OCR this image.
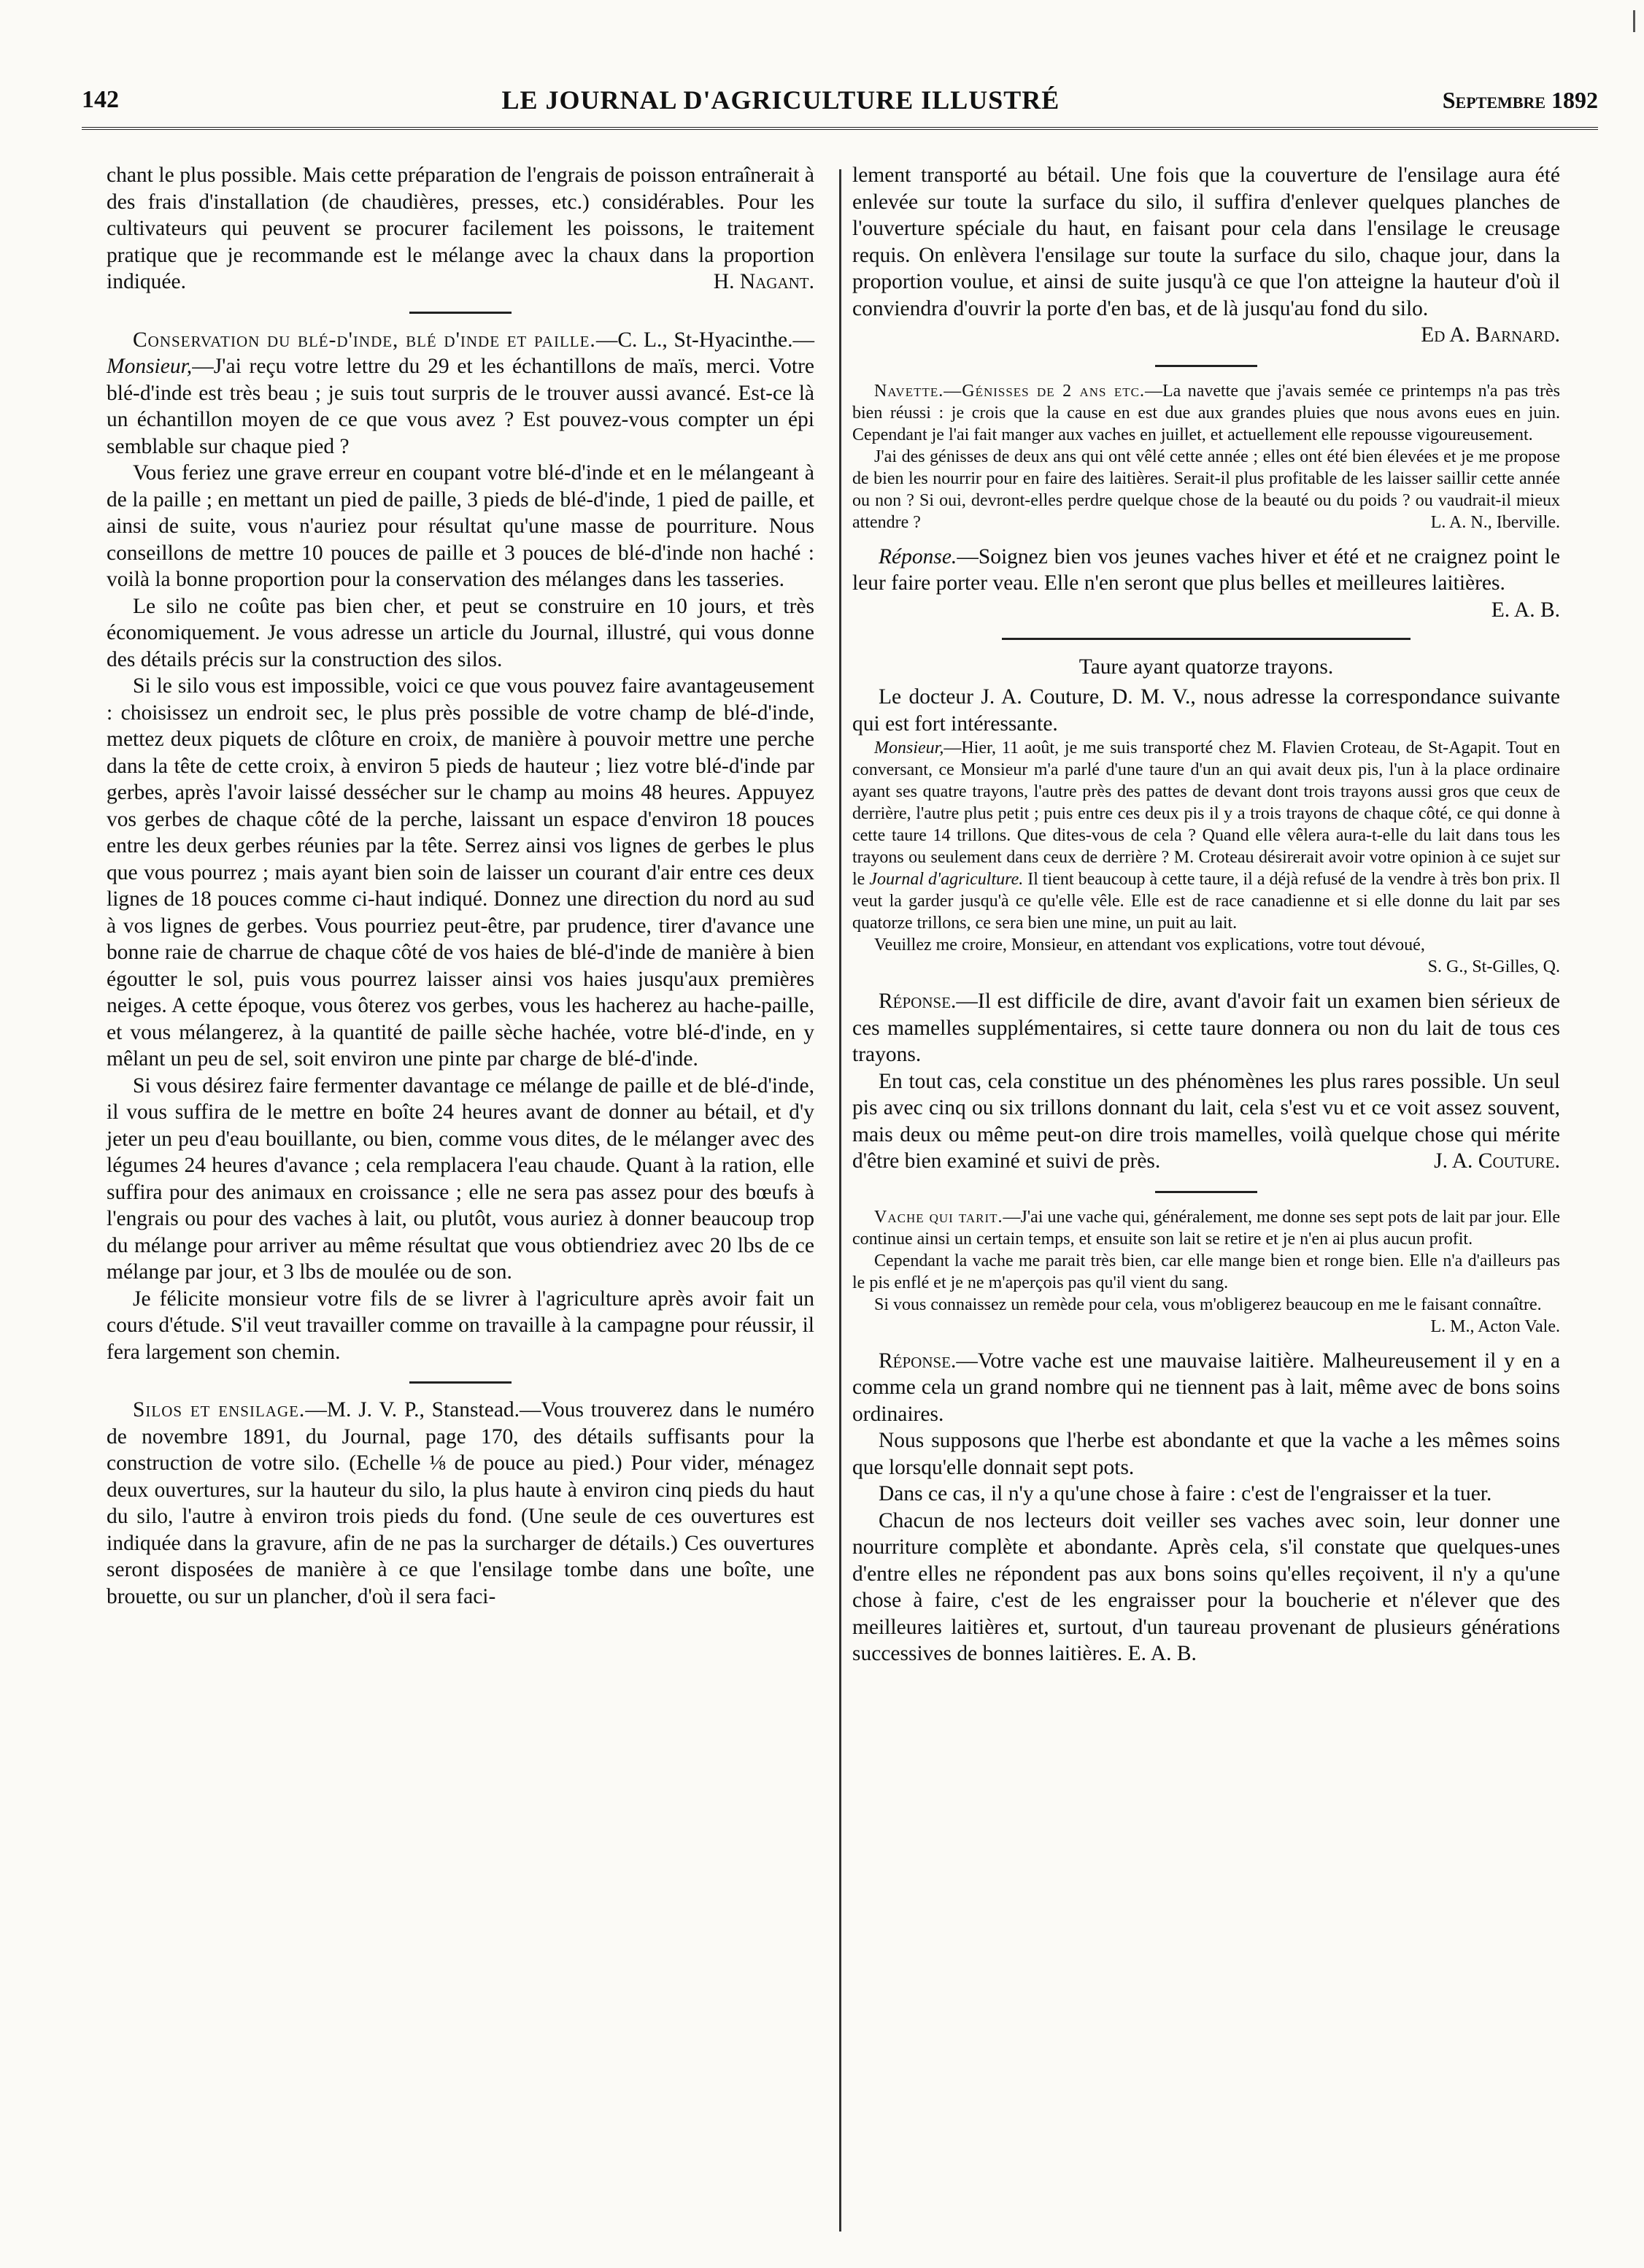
142	LE JOURNAL D'AGRICULTURE ILLUSTRÉ	Septembre 1892

chant le plus possible. Mais cette préparation de l'engrais de poisson entraînerait à des frais d'installation (de chaudières, presses, etc.) considérables. Pour les cultivateurs qui peuvent se procurer facilement les poissons, le traitement pratique que je recommande est le mélange avec la chaux dans la proportion indiquée.	H. Nagant.

Conservation du blé-d'inde, blé d'inde et paille.—C. L., St-Hyacinthe.—Monsieur,—J'ai reçu votre lettre du 29 et les échantillons de maïs, merci. Votre blé-d'inde est très beau ; je suis tout surpris de le trouver aussi avancé. Est-ce là un échantillon moyen de ce que vous avez ? Est pouvez-vous compter un épi semblable sur chaque pied ?

Vous feriez une grave erreur en coupant votre blé-d'inde et en le mélangeant à de la paille ; en mettant un pied de paille, 3 pieds de blé-d'inde, 1 pied de paille, et ainsi de suite, vous n'auriez pour résultat qu'une masse de pourriture. Nous conseillons de mettre 10 pouces de paille et 3 pouces de blé-d'inde non haché : voilà la bonne proportion pour la conservation des mélanges dans les tasseries.

Le silo ne coûte pas bien cher, et peut se construire en 10 jours, et très économiquement. Je vous adresse un article du Journal, illustré, qui vous donne des détails précis sur la construction des silos.

Si le silo vous est impossible, voici ce que vous pouvez faire avantageusement : choisissez un endroit sec, le plus près possible de votre champ de blé-d'inde, mettez deux piquets de clôture en croix, de manière à pouvoir mettre une perche dans la tête de cette croix, à environ 5 pieds de hauteur ; liez votre blé-d'inde par gerbes, après l'avoir laissé dessécher sur le champ au moins 48 heures. Appuyez vos gerbes de chaque côté de la perche, laissant un espace d'environ 18 pouces entre les deux gerbes réunies par la tête. Serrez ainsi vos lignes de gerbes le plus que vous pourrez ; mais ayant bien soin de laisser un courant d'air entre ces deux lignes de 18 pouces comme ci-haut indiqué. Donnez une direction du nord au sud à vos lignes de gerbes. Vous pourriez peut-être, par prudence, tirer d'avance une bonne raie de charrue de chaque côté de vos haies de blé-d'inde de manière à bien égoutter le sol, puis vous pourrez laisser ainsi vos haies jusqu'aux premières neiges. A cette époque, vous ôterez vos gerbes, vous les hacherez au hache-paille, et vous mélangerez, à la quantité de paille sèche hachée, votre blé-d'inde, en y mêlant un peu de sel, soit environ une pinte par charge de blé-d'inde.

Si vous désirez faire fermenter davantage ce mélange de paille et de blé-d'inde, il vous suffira de le mettre en boîte 24 heures avant de donner au bétail, et d'y jeter un peu d'eau bouillante, ou bien, comme vous dites, de le mélanger avec des légumes 24 heures d'avance ; cela remplacera l'eau chaude. Quant à la ration, elle suffira pour des animaux en croissance ; elle ne sera pas assez pour des bœufs à l'engrais ou pour des vaches à lait, ou plutôt, vous auriez à donner beaucoup trop du mélange pour arriver au même résultat que vous obtiendriez avec 20 lbs de ce mélange par jour, et 3 lbs de moulée ou de son.

Je félicite monsieur votre fils de se livrer à l'agriculture après avoir fait un cours d'étude. S'il veut travailler comme on travaille à la campagne pour réussir, il fera largement son chemin.

Silos et ensilage.—M. J. V. P., Stanstead.—Vous trouverez dans le numéro de novembre 1891, du Journal, page 170, des détails suffisants pour la construction de votre silo. (Echelle ⅛ de pouce au pied.) Pour vider, ménagez deux ouvertures, sur la hauteur du silo, la plus haute à environ cinq pieds du haut du silo, l'autre à environ trois pieds du fond. (Une seule de ces ouvertures est indiquée dans la gravure, afin de ne pas la surcharger de détails.) Ces ouvertures seront disposées de manière à ce que l'ensilage tombe dans une boîte, une brouette, ou sur un plancher, d'où il sera faci-

lement transporté au bétail. Une fois que la couverture de l'ensilage aura été enlevée sur toute la surface du silo, il suffira d'enlever quelques planches de l'ouverture spéciale du haut, en faisant pour cela dans l'ensilage le creusage requis. On enlèvera l'ensilage sur toute la surface du silo, chaque jour, dans la proportion voulue, et ainsi de suite jusqu'à ce que l'on atteigne la hauteur d'où il conviendra d'ouvrir la porte d'en bas, et de là jusqu'au fond du silo.
Ed A. Barnard.

Navette.—Génisses de 2 ans etc.—La navette que j'avais semée ce printemps n'a pas très bien réussi : je crois que la cause en est due aux grandes pluies que nous avons eues en juin. Cependant je l'ai fait manger aux vaches en juillet, et actuellement elle repousse vigoureusement.

J'ai des génisses de deux ans qui ont vêlé cette année ; elles ont été bien élevées et je me propose de bien les nourrir pour en faire des laitières. Serait-il plus profitable de les laisser saillir cette année ou non ? Si oui, devront-elles perdre quelque chose de la beauté ou du poids ? ou vaudrait-il mieux attendre ?	L. A. N., Iberville.

Réponse.—Soignez bien vos jeunes vaches hiver et été et ne craignez point le leur faire porter veau. Elle n'en seront que plus belles et meilleures laitières.
E. A. B.

Taure ayant quatorze trayons.

Le docteur J. A. Couture, D. M. V., nous adresse la correspondance suivante qui est fort intéressante.

Monsieur,—Hier, 11 août, je me suis transporté chez M. Flavien Croteau, de St-Agapit. Tout en conversant, ce Monsieur m'a parlé d'une taure d'un an qui avait deux pis, l'un à la place ordinaire ayant ses quatre trayons, l'autre près des pattes de devant dont trois trayons aussi gros que ceux de derrière, l'autre plus petit ; puis entre ces deux pis il y a trois trayons de chaque côté, ce qui donne à cette taure 14 trillons. Que dites-vous de cela ? Quand elle vêlera aura-t-elle du lait dans tous les trayons ou seulement dans ceux de derrière ? M. Croteau désirerait avoir votre opinion à ce sujet sur le Journal d'agriculture. Il tient beaucoup à cette taure, il a déjà refusé de la vendre à très bon prix. Il veut la garder jusqu'à ce qu'elle vêle. Elle est de race canadienne et si elle donne du lait par ses quatorze trillons, ce sera bien une mine, un puit au lait.

Veuillez me croire, Monsieur, en attendant vos explications, votre tout dévoué,
S. G., St-Gilles, Q.

Réponse.—Il est difficile de dire, avant d'avoir fait un examen bien sérieux de ces mamelles supplémentaires, si cette taure donnera ou non du lait de tous ces trayons.

En tout cas, cela constitue un des phénomènes les plus rares possible. Un seul pis avec cinq ou six trillons donnant du lait, cela s'est vu et ce voit assez souvent, mais deux ou même peut-on dire trois mamelles, voilà quelque chose qui mérite d'être bien examiné et suivi de près.	J. A. Couture.

Vache qui tarit.—J'ai une vache qui, généralement, me donne ses sept pots de lait par jour. Elle continue ainsi un certain temps, et ensuite son lait se retire et je n'en ai plus aucun profit.

Cependant la vache me parait très bien, car elle mange bien et ronge bien. Elle n'a d'ailleurs pas le pis enflé et je ne m'aperçois pas qu'il vient du sang.

Si vous connaissez un remède pour cela, vous m'obligerez beaucoup en me le faisant connaître.
L. M., Acton Vale.

Réponse.—Votre vache est une mauvaise laitière. Malheureusement il y en a comme cela un grand nombre qui ne tiennent pas à lait, même avec de bons soins ordinaires.

Nous supposons que l'herbe est abondante et que la vache a les mêmes soins que lorsqu'elle donnait sept pots.

Dans ce cas, il n'y a qu'une chose à faire : c'est de l'engraisser et la tuer.

Chacun de nos lecteurs doit veiller ses vaches avec soin, leur donner une nourriture complète et abondante. Après cela, s'il constate que quelques-unes d'entre elles ne répondent pas aux bons soins qu'elles reçoivent, il n'y a qu'une chose à faire, c'est de les engraisser pour la boucherie et n'élever que des meilleures laitières et, surtout, d'un taureau provenant de plusieurs générations successives de bonnes laitières. E. A. B.
